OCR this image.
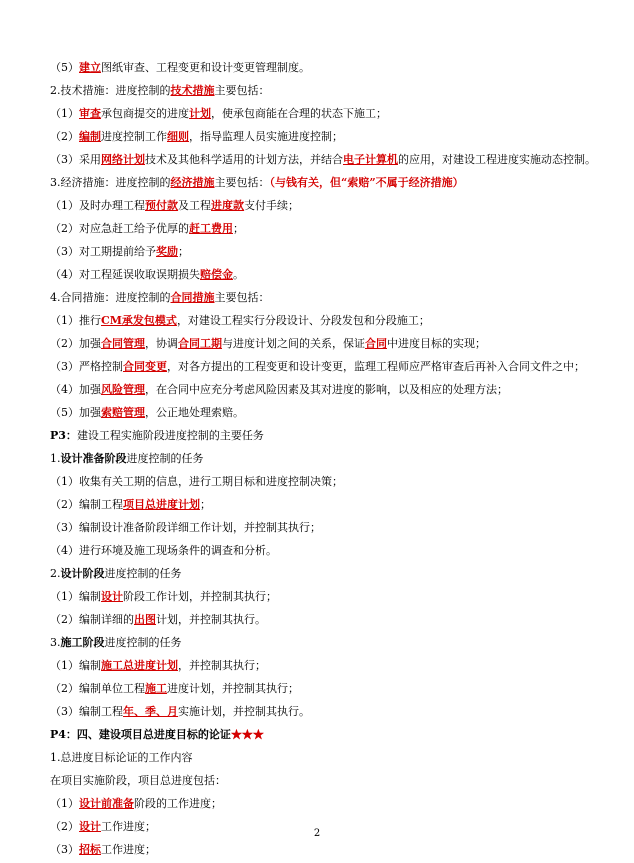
（5）建立图纸审查、工程变更和设计变更管理制度。
2.技术措施：进度控制的技术措施主要包括：
（1）审查承包商提交的进度计划，使承包商能在合理的状态下施工；
（2）编制进度控制工作细则，指导监理人员实施进度控制；
（3）采用网络计划技术及其他科学适用的计划方法，并结合电子计算机的应用，对建设工程进度实施动态控制。
3.经济措施：进度控制的经济措施主要包括：（与钱有关，但“索赔”不属于经济措施）
（1）及时办理工程预付款及工程进度款支付手续；
（2）对应急赶工给予优厚的赶工费用；
（3）对工期提前给予奖励；
（4）对工程延误收取误期损失赔偿金。
4.合同措施：进度控制的合同措施主要包括：
（1）推行CM承发包模式，对建设工程实行分段设计、分段发包和分段施工；
（2）加强合同管理，协调合同工期与进度计划之间的关系，保证合同中进度目标的实现；
（3）严格控制合同变更，对各方提出的工程变更和设计变更，监理工程师应严格审查后再补入合同文件之中；
（4）加强风险管理，在合同中应充分考虑风险因素及其对进度的影响，以及相应的处理方法；
（5）加强索赔管理，公正地处理索赔。
P3：建设工程实施阶段进度控制的主要任务
1.设计准备阶段进度控制的任务
（1）收集有关工期的信息，进行工期目标和进度控制决策；
（2）编制工程项目总进度计划；
（3）编制设计准备阶段详细工作计划，并控制其执行；
（4）进行环境及施工现场条件的调查和分析。
2.设计阶段进度控制的任务
（1）编制设计阶段工作计划，并控制其执行；
（2）编制详细的出图计划，并控制其执行。
3.施工阶段进度控制的任务
（1）编制施工总进度计划，并控制其执行；
（2）编制单位工程施工进度计划，并控制其执行；
（3）编制工程年、季、月实施计划，并控制其执行。
P4：四、建设项目总进度目标的论证★★★
1.总进度目标论证的工作内容
在项目实施阶段，项目总进度包括：
（1）设计前准备阶段的工作进度；
（2）设计工作进度；
（3）招标工作进度；
2
